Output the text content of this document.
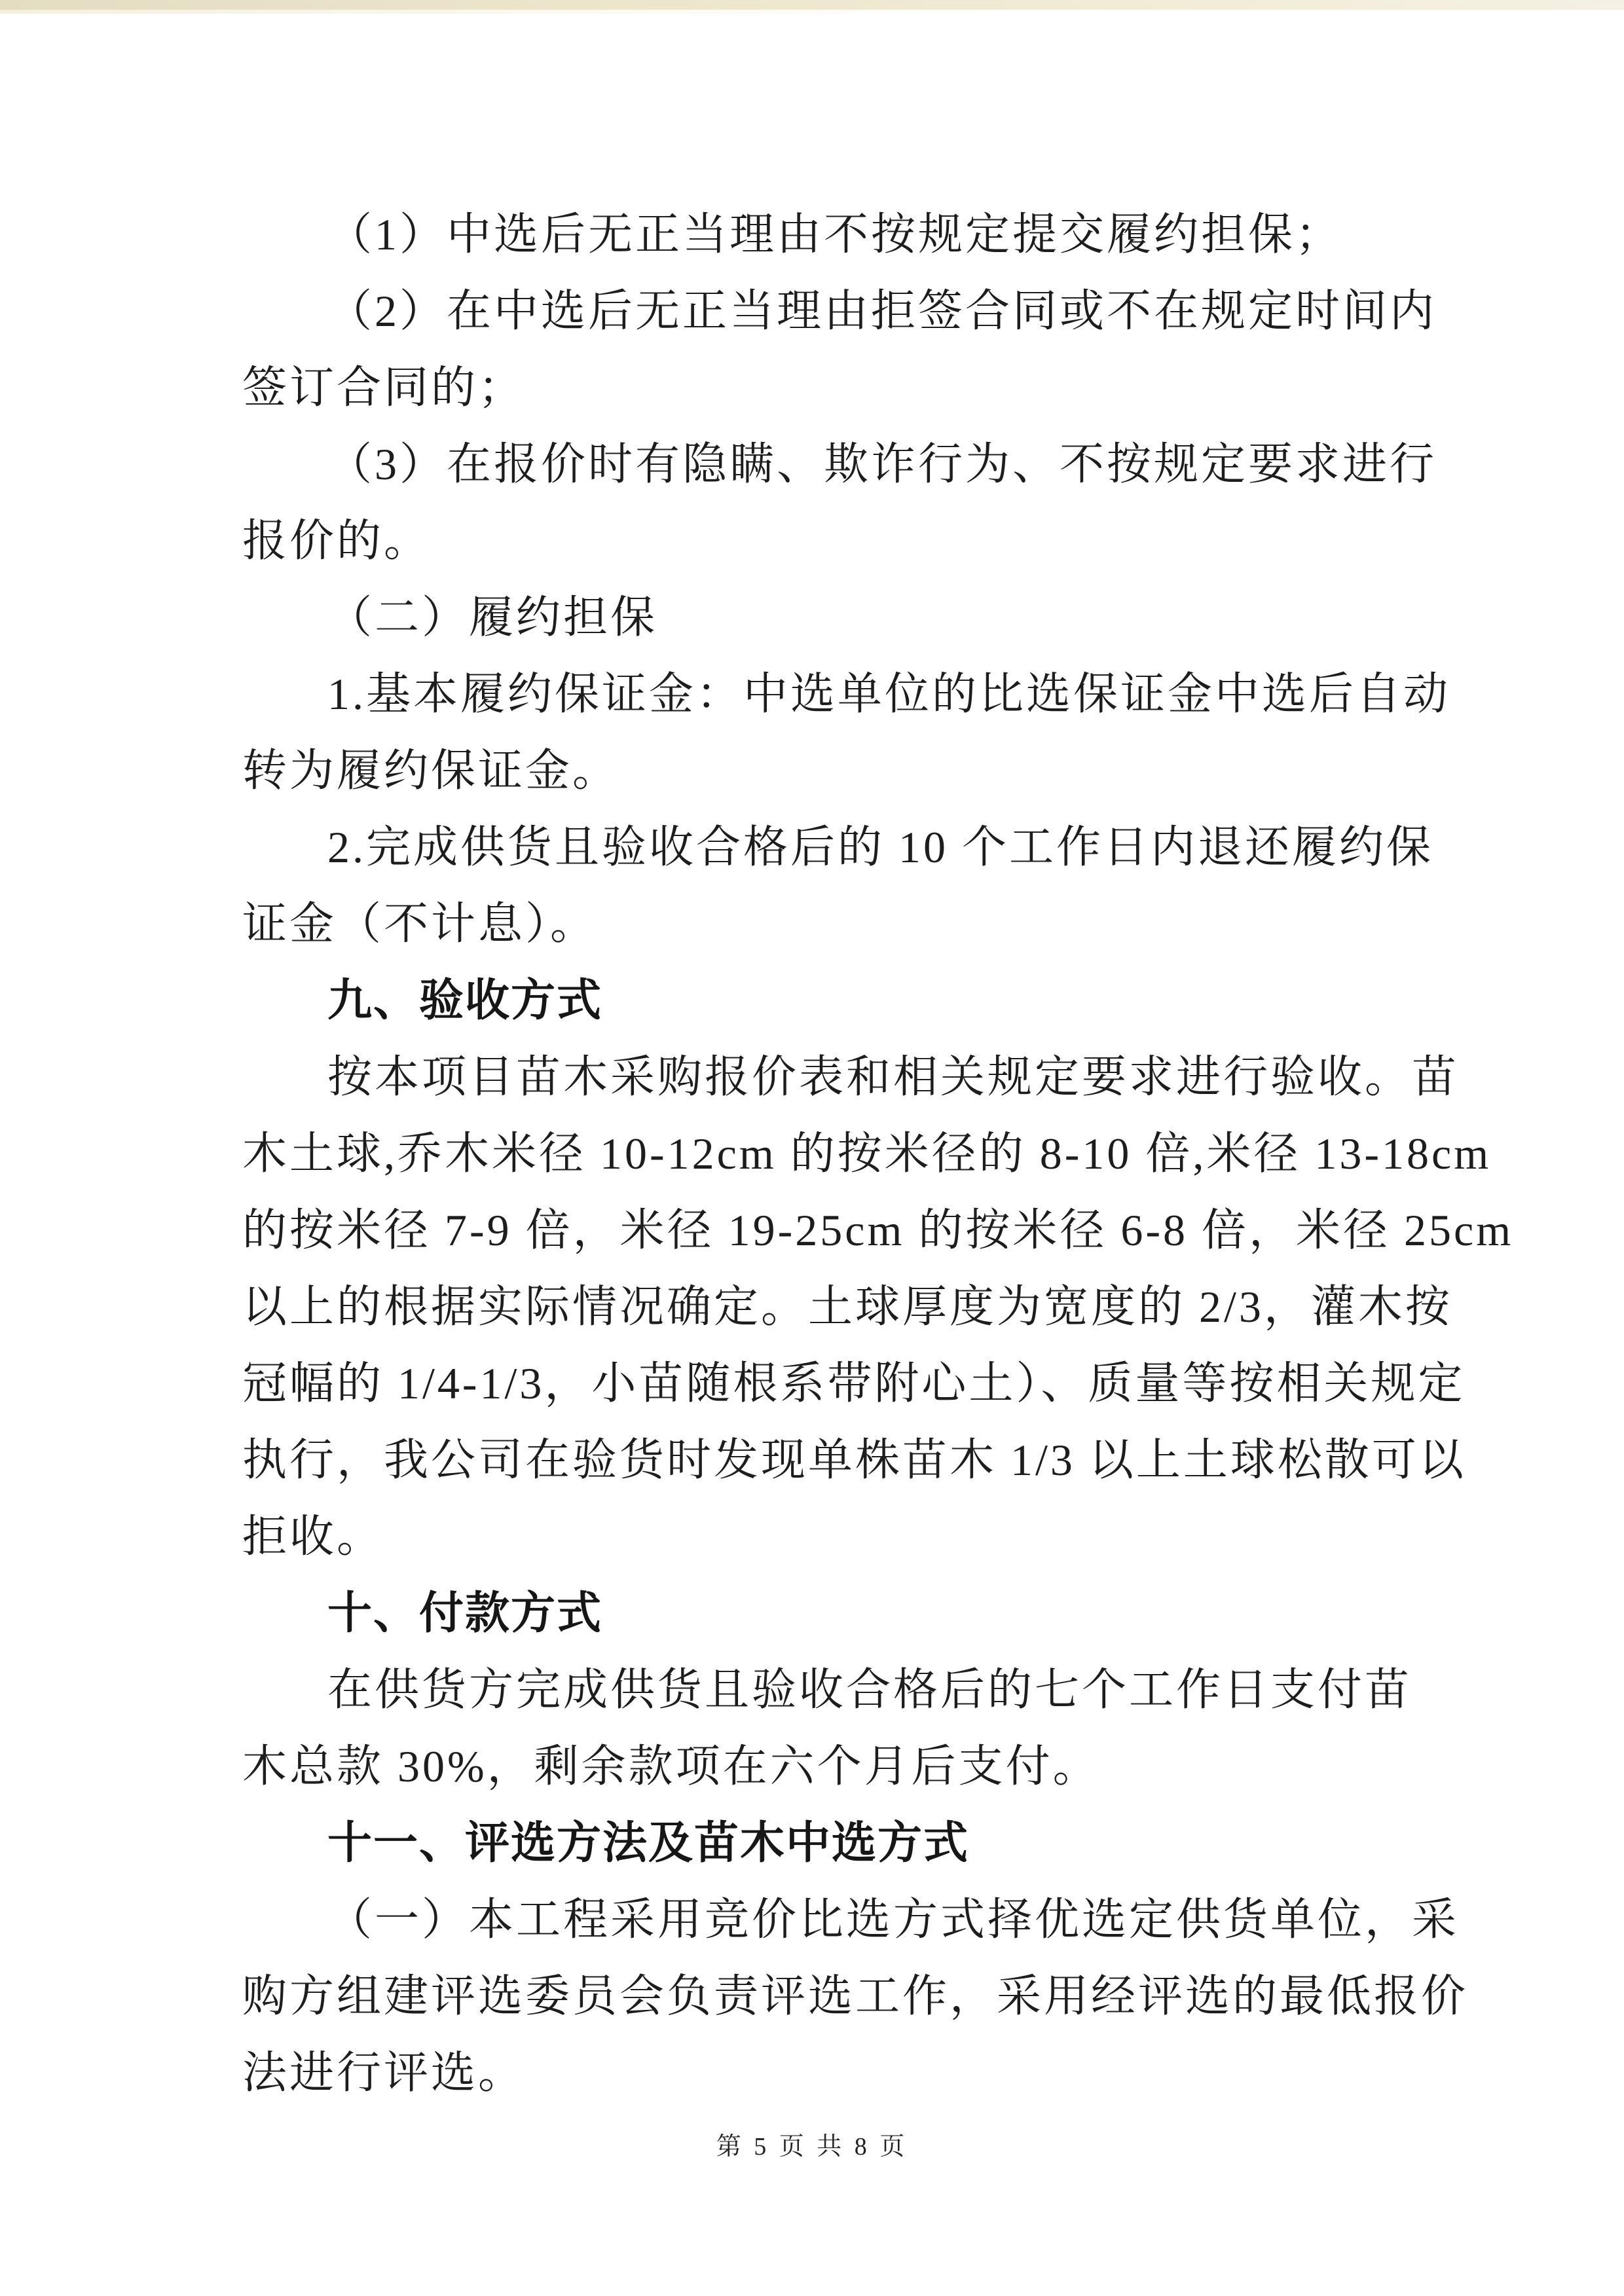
（1）中选后无正当理由不按规定提交履约担保；
（2）在中选后无正当理由拒签合同或不在规定时间内
签订合同的；
（3）在报价时有隐瞒、欺诈行为、不按规定要求进行
报价的。
（二）履约担保
1.基本履约保证金：中选单位的比选保证金中选后自动
转为履约保证金。
2.完成供货且验收合格后的 10 个工作日内退还履约保
证金（不计息）。
九、验收方式
按本项目苗木采购报价表和相关规定要求进行验收。苗
木土球,乔木米径 10-12cm 的按米径的 8-10 倍,米径 13-18cm
的按米径 7-9 倍，米径 19-25cm 的按米径 6-8 倍，米径 25cm
以上的根据实际情况确定。土球厚度为宽度的 2/3，灌木按
冠幅的 1/4-1/3，小苗随根系带附心土）、质量等按相关规定
执行，我公司在验货时发现单株苗木 1/3 以上土球松散可以
拒收。
十、付款方式
在供货方完成供货且验收合格后的七个工作日支付苗
木总款 30%，剩余款项在六个月后支付。
十一、评选方法及苗木中选方式
（一）本工程采用竞价比选方式择优选定供货单位，采
购方组建评选委员会负责评选工作，采用经评选的最低报价
法进行评选。
第 5 页 共 8 页
